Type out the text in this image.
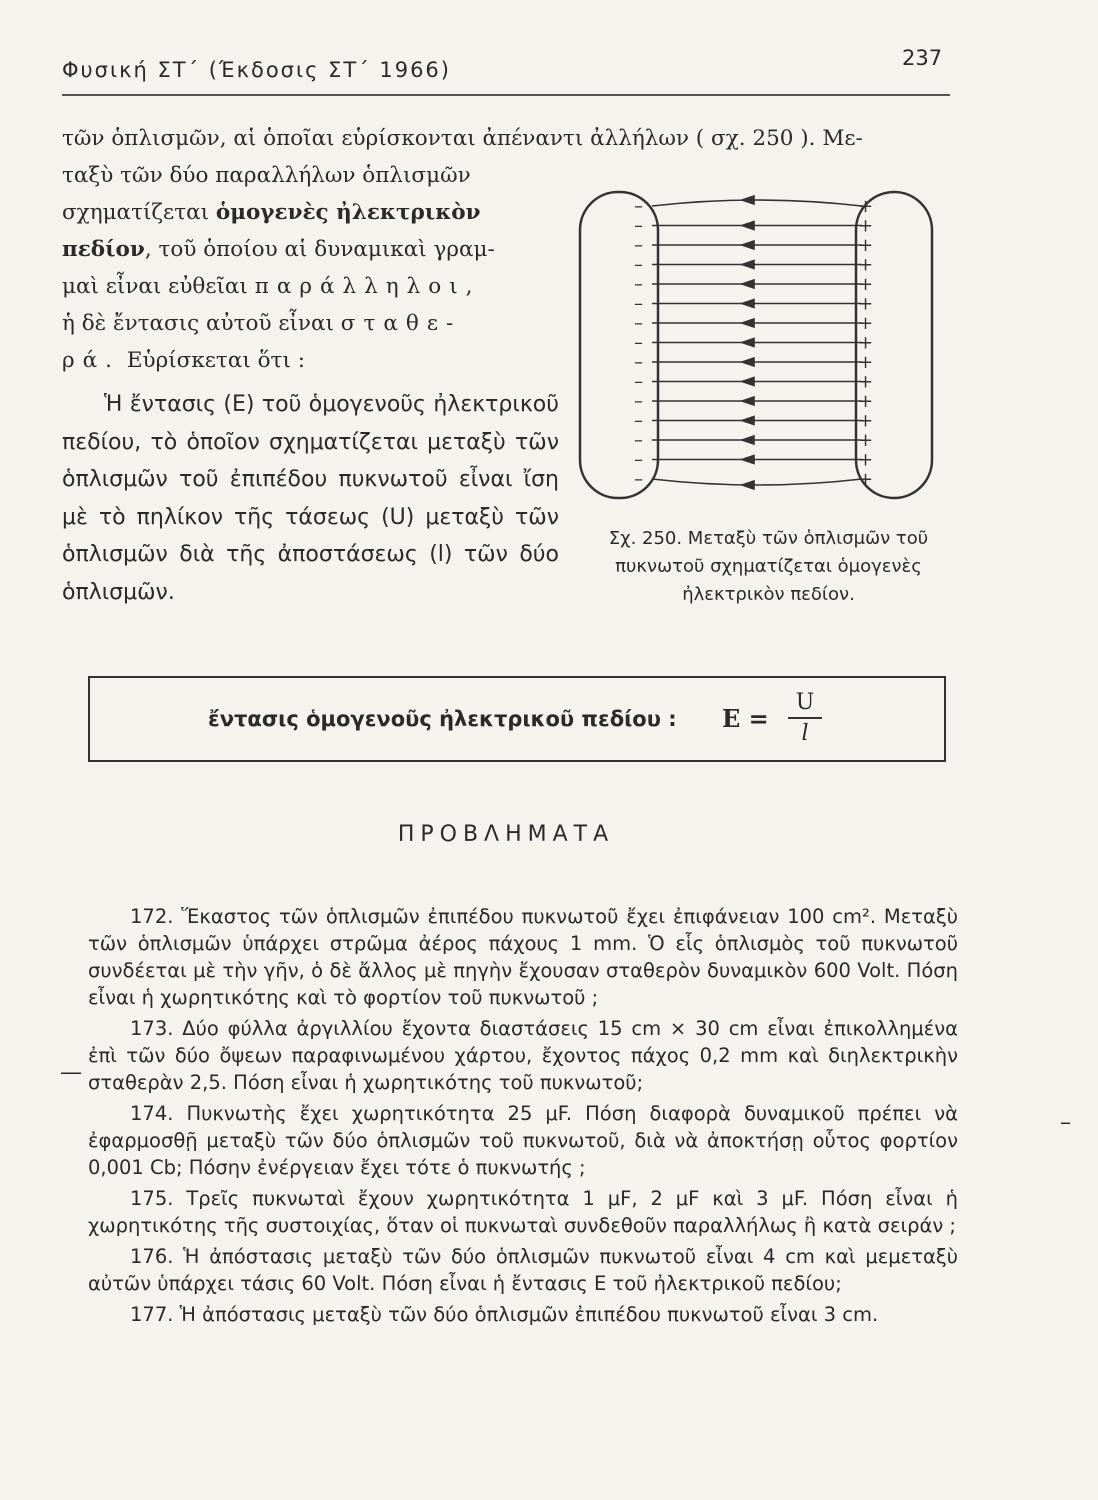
Φυσική ΣΤ΄ (Έκδοσις ΣΤ΄ 1966)	237
τῶν ὁπλισμῶν, αἱ ὁποῖαι εὑρίσκονται ἀπέναντι ἀλλήλων ( σχ. 250 ). Με-
ταξὺ τῶν δύο παραλλήλων ὁπλισμῶν
σχηματίζεται ὁμογενὲς ἠλεκτρικὸν πεδίον, τοῦ ὁποίου αἱ δυναμικαὶ γραμ-
μαὶ εἶναι εὐθεῖαι παράλληλοι,
ἡ δὲ ἔντασις αὐτοῦ εἶναι σταθε-
ρά. Εὑρίσκεται ὅτι :
Ἡ ἔντασις (Ε) τοῦ ὁμογενοῦς ἠλεκτρικοῦ πεδίου, τὸ ὁποῖον σχηματίζεται μεταξὺ τῶν ὁπλισμῶν τοῦ ἐπιπέδου πυκνωτοῦ εἶναι ἴση μὲ τὸ πηλίκον τῆς τάσεως (U) μεταξὺ τῶν ὁπλισμῶν διὰ τῆς ἀποστάσεως (l) τῶν δύο ὁπλισμῶν.
–
–
–
–
–
–
–
–
–
–
–
–
–
–
–
+
+
+
+
+
+
+
+
+
+
+
+
+
+
+
Σχ. 250. Μεταξὺ τῶν ὁπλισμῶν τοῦ πυκνωτοῦ σχηματίζεται ὁμογενὲς ἠλεκτρικὸν πεδίον.
ἔντασις ὁμογενοῦς ἠλεκτρικοῦ πεδίου : E =
U
l
ΠΡΟΒΛΗΜΑΤΑ

172. Ἕκαστος τῶν ὁπλισμῶν ἐπιπέδου πυκνωτοῦ ἔχει ἐπιφάνειαν 100 cm². Μεταξὺ τῶν ὁπλισμῶν ὑπάρχει στρῶμα ἀέρος πάχους 1 mm. Ὁ εἷς ὁπλισμὸς τοῦ πυκνωτοῦ συνδέεται μὲ τὴν γῆν, ὁ δὲ ἄλλος μὲ πηγὴν ἔχουσαν σταθερὸν δυναμικὸν 600 Volt. Πόση εἶναι ἡ χωρητικότης καὶ τὸ φορτίον τοῦ πυκνωτοῦ ;

173. Δύο φύλλα ἀργιλλίου ἔχοντα διαστάσεις 15 cm × 30 cm εἶναι ἐπικολλημένα ἐπὶ τῶν δύο ὄψεων παραφινωμένου χάρτου, ἔχοντος πάχος 0,2 mm καὶ διηλεκτρικὴν σταθερὰν 2,5. Πόση εἶναι ἡ χωρητικότης τοῦ πυκνωτοῦ;

174. Πυκνωτὴς ἔχει χωρητικότητα 25 μF. Πόση διαφορὰ δυναμικοῦ πρέπει νὰ ἐφαρμοσθῇ μεταξὺ τῶν δύο ὁπλισμῶν τοῦ πυκνωτοῦ, διὰ νὰ ἀποκτήσῃ οὗτος φορτίον 0,001 Cb; Πόσην ἐνέργειαν ἔχει τότε ὁ πυκνωτής ;

175. Τρεῖς πυκνωταὶ ἔχουν χωρητικότητα 1 μF, 2 μF καὶ 3 μF. Πόση εἶναι ἡ χωρητικότης τῆς συστοιχίας, ὅταν οἱ πυκνωταὶ συνδεθοῦν παραλλήλως ἢ κατὰ σειράν ;

176. Ἡ ἀπόστασις μεταξὺ τῶν δύο ὁπλισμῶν πυκνωτοῦ εἶναι 4 cm καὶ μεμεταξὺ αὐτῶν ὑπάρχει τάσις 60 Volt. Πόση εἶναι ἡ ἔντασις Ε τοῦ ἠλεκτρικοῦ πεδίου;

177. Ἡ ἀπόστασις μεταξὺ τῶν δύο ὁπλισμῶν ἐπιπέδου πυκνωτοῦ εἶναι 3 cm.

—
–
